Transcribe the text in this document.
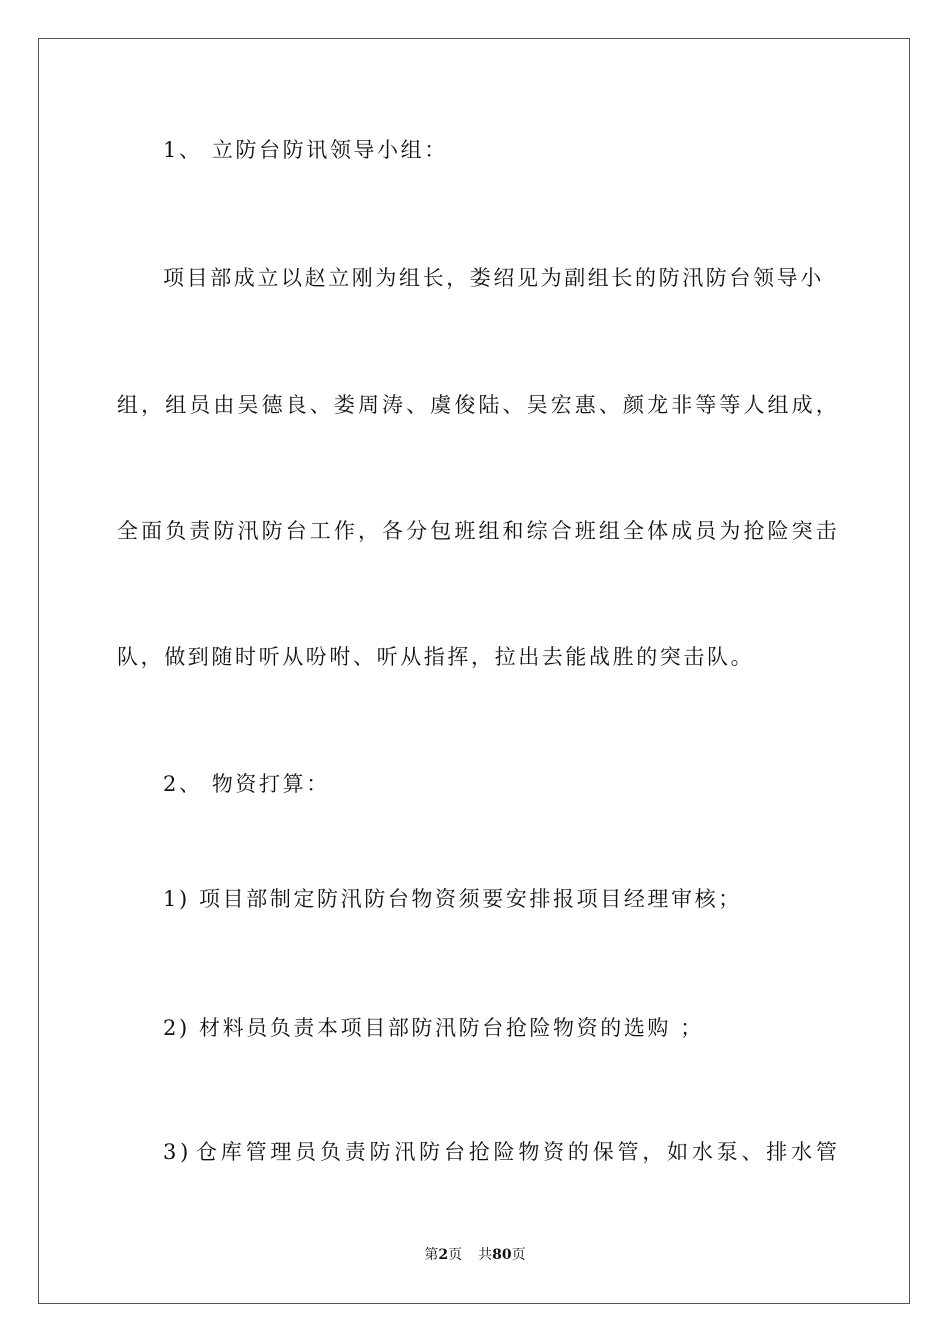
1、 立防台防讯领导小组：
项目部成立以赵立刚为组长，娄绍见为副组长的防汛防台领导小
组 ， 组 员 由 吴 德 良 、 娄 周 涛 、 虞 俊 陆 、 吴 宏 惠 、 颜 龙 非 等 等 人 组 成 ，
全 面 负 责 防 汛 防 台 工 作 ， 各 分 包 班 组 和 综 合 班 组 全 体 成 员 为 抢 险 突 击
队，做到随时听从吩咐、听从指挥，拉出去能战胜的突击队。
2、 物资打算：
1) 项目部制定防汛防台物资须要安排报项目经理审核；
2) 材料员负责本项目部防汛防台抢险物资的选购 ；
3 ) 仓 库 管 理 员 负 责 防 汛 防 台 抢 险 物 资 的 保 管 ， 如 水 泵 、 排 水 管
第2页 共80页
